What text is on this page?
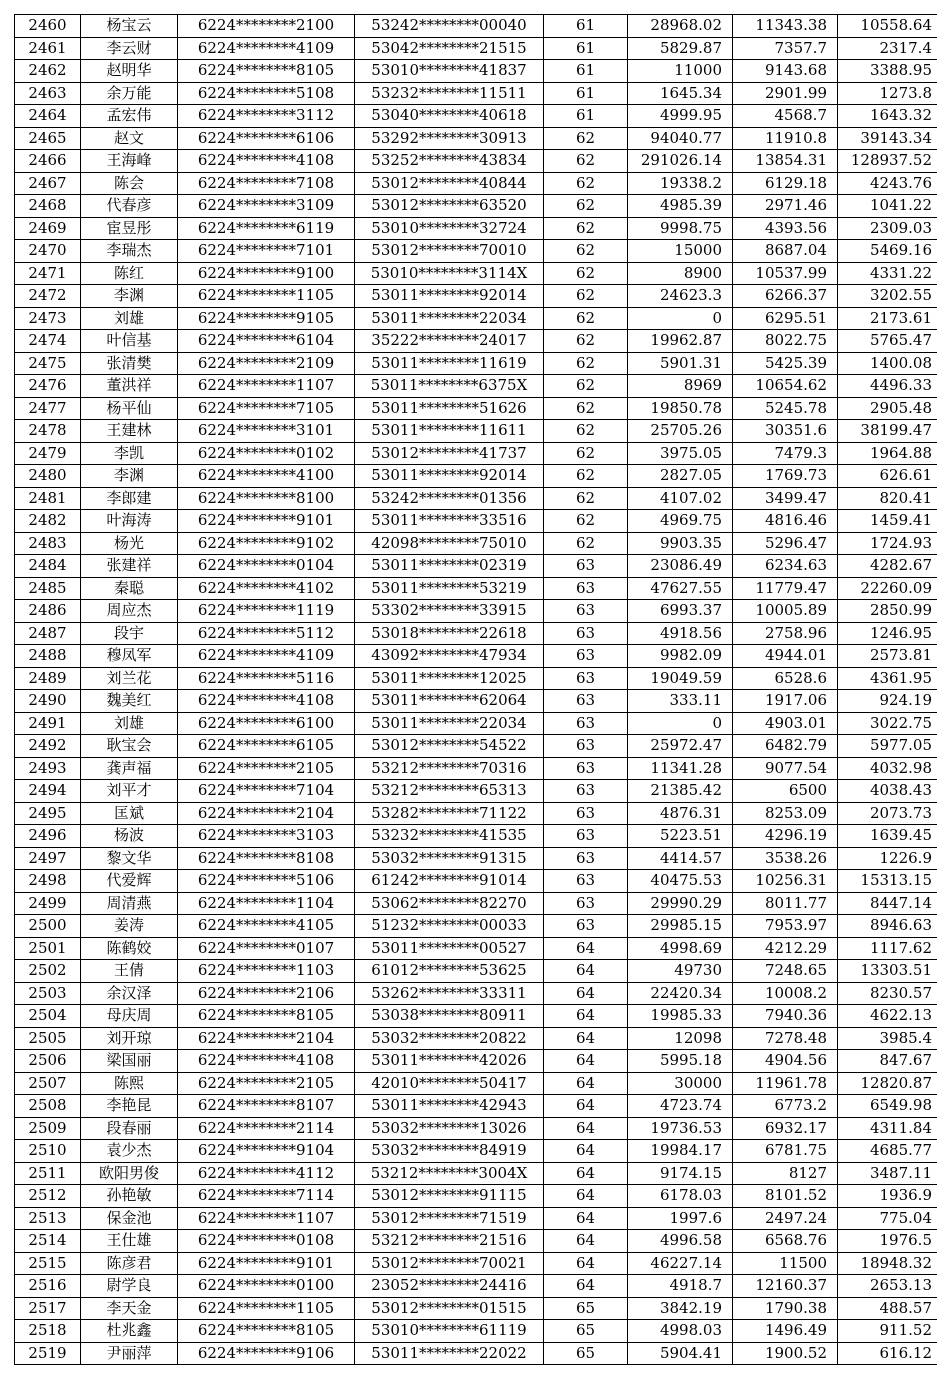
2460	杨宝云	6224********2100	53242********00040	61	28968.02	11343.38	10558.64
2461	李云财	6224********4109	53042********21515	61	5829.87	7357.7	2317.4
2462	赵明华	6224********8105	53010********41837	61	11000	9143.68	3388.95
2463	余万能	6224********5108	53232********11511	61	1645.34	2901.99	1273.8
2464	孟宏伟	6224********3112	53040********40618	61	4999.95	4568.7	1643.32
2465	赵文	6224********6106	53292********30913	62	94040.77	11910.8	39143.34
2466	王海峰	6224********4108	53252********43834	62	291026.14	13854.31	128937.52
2467	陈会	6224********7108	53012********40844	62	19338.2	6129.18	4243.76
2468	代春彦	6224********3109	53012********63520	62	4985.39	2971.46	1041.22
2469	宦昱彤	6224********6119	53010********32724	62	9998.75	4393.56	2309.03
2470	李瑞杰	6224********7101	53012********70010	62	15000	8687.04	5469.16
2471	陈红	6224********9100	53010********3114X	62	8900	10537.99	4331.22
2472	李渊	6224********1105	53011********92014	62	24623.3	6266.37	3202.55
2473	刘雄	6224********9105	53011********22034	62	0	6295.51	2173.61
2474	叶信基	6224********6104	35222********24017	62	19962.87	8022.75	5765.47
2475	张清樊	6224********2109	53011********11619	62	5901.31	5425.39	1400.08
2476	董洪祥	6224********1107	53011********6375X	62	8969	10654.62	4496.33
2477	杨平仙	6224********7105	53011********51626	62	19850.78	5245.78	2905.48
2478	王建林	6224********3101	53011********11611	62	25705.26	30351.6	38199.47
2479	李凯	6224********0102	53012********41737	62	3975.05	7479.3	1964.88
2480	李渊	6224********4100	53011********92014	62	2827.05	1769.73	626.61
2481	李郎建	6224********8100	53242********01356	62	4107.02	3499.47	820.41
2482	叶海涛	6224********9101	53011********33516	62	4969.75	4816.46	1459.41
2483	杨光	6224********9102	42098********75010	62	9903.35	5296.47	1724.93
2484	张建祥	6224********0104	53011********02319	63	23086.49	6234.63	4282.67
2485	秦聪	6224********4102	53011********53219	63	47627.55	11779.47	22260.09
2486	周应杰	6224********1119	53302********33915	63	6993.37	10005.89	2850.99
2487	段宇	6224********5112	53018********22618	63	4918.56	2758.96	1246.95
2488	穆凤军	6224********4109	43092********47934	63	9982.09	4944.01	2573.81
2489	刘兰花	6224********5116	53011********12025	63	19049.59	6528.6	4361.95
2490	魏美红	6224********4108	53011********62064	63	333.11	1917.06	924.19
2491	刘雄	6224********6100	53011********22034	63	0	4903.01	3022.75
2492	耿宝会	6224********6105	53012********54522	63	25972.47	6482.79	5977.05
2493	龚声福	6224********2105	53212********70316	63	11341.28	9077.54	4032.98
2494	刘平才	6224********7104	53212********65313	63	21385.42	6500	4038.43
2495	匡斌	6224********2104	53282********71122	63	4876.31	8253.09	2073.73
2496	杨波	6224********3103	53232********41535	63	5223.51	4296.19	1639.45
2497	黎文华	6224********8108	53032********91315	63	4414.57	3538.26	1226.9
2498	代爱辉	6224********5106	61242********91014	63	40475.53	10256.31	15313.15
2499	周清燕	6224********1104	53062********82270	63	29990.29	8011.77	8447.14
2500	姜涛	6224********4105	51232********00033	63	29985.15	7953.97	8946.63
2501	陈鹤姣	6224********0107	53011********00527	64	4998.69	4212.29	1117.62
2502	王倩	6224********1103	61012********53625	64	49730	7248.65	13303.51
2503	余汉泽	6224********2106	53262********33311	64	22420.34	10008.2	8230.57
2504	母庆周	6224********8105	53038********80911	64	19985.33	7940.36	4622.13
2505	刘开琼	6224********2104	53032********20822	64	12098	7278.48	3985.4
2506	梁国丽	6224********4108	53011********42026	64	5995.18	4904.56	847.67
2507	陈熙	6224********2105	42010********50417	64	30000	11961.78	12820.87
2508	李艳昆	6224********8107	53011********42943	64	4723.74	6773.2	6549.98
2509	段春丽	6224********2114	53032********13026	64	19736.53	6932.17	4311.84
2510	袁少杰	6224********9104	53032********84919	64	19984.17	6781.75	4685.77
2511	欧阳男俊	6224********4112	53212********3004X	64	9174.15	8127	3487.11
2512	孙艳敏	6224********7114	53012********91115	64	6178.03	8101.52	1936.9
2513	保金池	6224********1107	53012********71519	64	1997.6	2497.24	775.04
2514	王仕雄	6224********0108	53212********21516	64	4996.58	6568.76	1976.5
2515	陈彦君	6224********9101	53012********70021	64	46227.14	11500	18948.32
2516	尉学良	6224********0100	23052********24416	64	4918.7	12160.37	2653.13
2517	李天金	6224********1105	53012********01515	65	3842.19	1790.38	488.57
2518	杜兆鑫	6224********8105	53010********61119	65	4998.03	1496.49	911.52
2519	尹丽萍	6224********9106	53011********22022	65	5904.41	1900.52	616.12
